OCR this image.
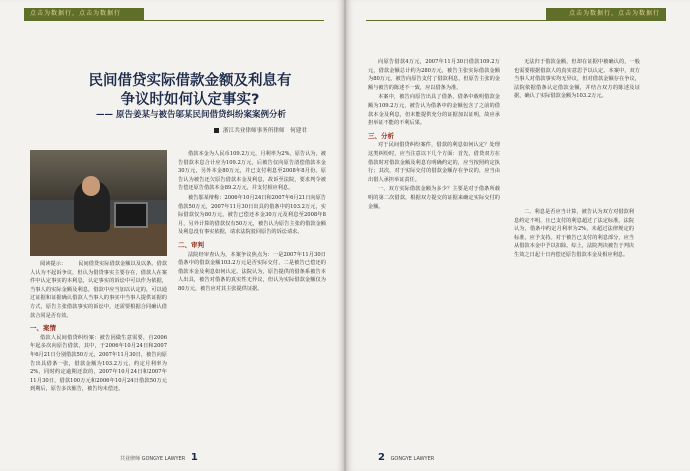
点击为数据行，点击为数据行
民间借贷实际借款金额及利息有
争议时如何认定事实?
—— 原告姜某与被告邬某民间借贷纠纷案案例分析
浙江共业律师事务所律师　何建君

阅读提示： 　　民间借贷实际借款金额以及以条。借款人认为不起诉争议，但认为借贷事实主要存在，借款人在案件中认定事实的本利息，认定事实的诉讼中可以作为依据，当事人的实际金额及利息，借款中应当加以认定的，可以通过证据和证据确认借款人当事人的事实中当事人提供证据的方式，原告主张借款事实的诉讼中，还需要根据合同确认借款合同是否有效。

一、案情

借款人民间借贷纠纷案：被告因做生意需要，自2006年起多次向原告借款，其中，于2006年10月24日和2007年6月21日分别借款50万元，2007年11月30日，被告向原告出具借条一张，借款金额为103.2万元，约定月利率为2%，同时约定逾期还款的，2007年10月24日和2007年11月30日，借款100万元和2006年10月24日借款50万元到期后，原告多次催告，被告均未偿还。

借款本金为人民币109.2万元，月利率为2%。原告认为，被告借款本息合计应为109.2万元，后被告仅向原告清偿借款本金30万元，另外本金80万元，并已支付利息至2008年8月份。原告认为被告还欠原告借款本金及利息，故诉至法院，要求判令被告偿还原告借款本金89.2万元，并支付相应利息。

被告邬某辩称：2006年10月24日和2007年6月21日向原告借款50万元，2007年11月30日出具的借条中的103.2万元，实际借款仅为80万元，被告已偿还本金30万元及利息至2008年8月，另外计算的借款仅有50万元，被告认为原告主张的借款金额及利息没有事实依据，请求法院驳回原告的诉讼请求。

二、审判

法院经审查认为，本案争议焦点为：一是2007年11月30日借条中的借款金额103.2万元是否实际交付，二是被告已偿还的借款本金及利息如何认定。法院认为，原告提供的借条系被告本人出具，被告对借条的真实性无异议，但认为实际借款金额仅为80万元，被告应对其主张提供证据。

共业律师 GONGYE LAWYER 1
点击为数据行，点击为数据行

向原告借款4万元，2007年11月30日借款109.2万元，借款金额总计约为280万元，被告主张实际借款金额为80万元，被告向原告支付了借款利息，但原告主张的金额与被告的陈述不一致，应以借条为准。

本案中，被告向原告出具了借条，借条中载明借款金额为109.2万元，被告认为借条中的金额包含了之前的借款本金及利息，但未能提供充分的证据加以证明，故应承担举证不能的不利后果。

三、分析

对于民间借贷纠纷案件，借款的利息如何认定？处理这类纠纷时，应当注意以下几个方面：首先，借贷双方在借款时对借款金额及利息有明确约定的，应当按照约定执行；其次，对于实际交付的借款金额存在争议的，应当由出借人承担举证责任。

一、双方实际借款金额为多少？主要是对于借条所载明的第二次借款，根据双方提交的证据来确定实际交付的金额。

无法归于借款金额，但却在证据中被确认的，一般也需要根据借款人的真实意思予以认定。本案中，双方当事人对借款事实均无异议，但对借款金额存在争议，法院依据借条认定借款金额，并结合双方的陈述及证据，确认了实际借款金额为103.2万元。

二、利息是否应当计算，被告认为双方对借款利息约定不明，且已支付的利息超过了法定标准。法院认为，借条中约定月利率为2%，未超过法律规定的标准，应予支持。对于被告已支付的利息部分，应当从借款本金中予以扣除。综上，法院判决被告于判决生效之日起十日内偿还原告借款本金及相应利息。

2 GONGYE LAWYER
